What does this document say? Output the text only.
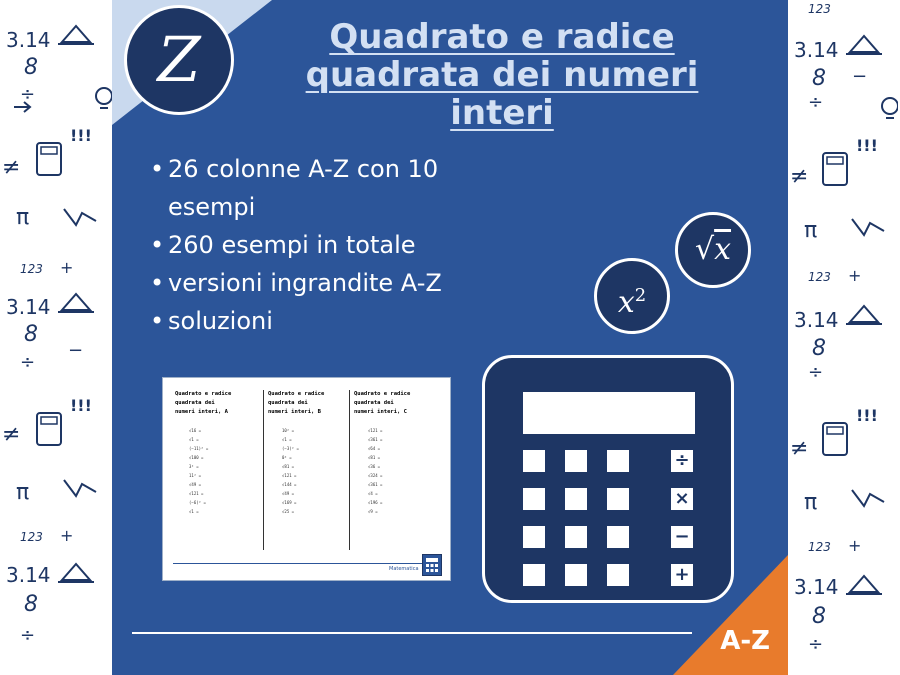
3.14
8
÷
!!!
≠
π
123 +
3.14
8
−
÷
!!!
≠
π
123 +
3.14
8
÷
123
3.14
8 −
÷
!!!
≠
π
123 +
3.14
8
÷
!!!
≠
π
123 +
3.14
8
÷
Z	Quadrato e radice
quadrata dei numeri
interi
• 26 colonne A-Z con 10
esempi
• 260 esempi in totale
• versioni ingrandite A-Z
• soluzioni
√x
$x^2$
Quadrato e radice quadrata dei
numeri interi, A
√16 =
√1 =
(−11)² =
√100 =
3² =
11² =
√49 =
√121 =
(−6)² =
√1 =
Quadrato e radice quadrata dei
numeri interi, B
10² =
√1 =
(−3)² =
0² =
√81 =
√121 =
√144 =
√49 =
√169 =
√25 =
Quadrato e radice quadrata dei
numeri interi, C
√121 =
√361 =
√64 =
√81 =
√36 =
√324 =
√361 =
√4 =
√196 =
√9 =
Matematica
÷
×
−
+
A-Z
